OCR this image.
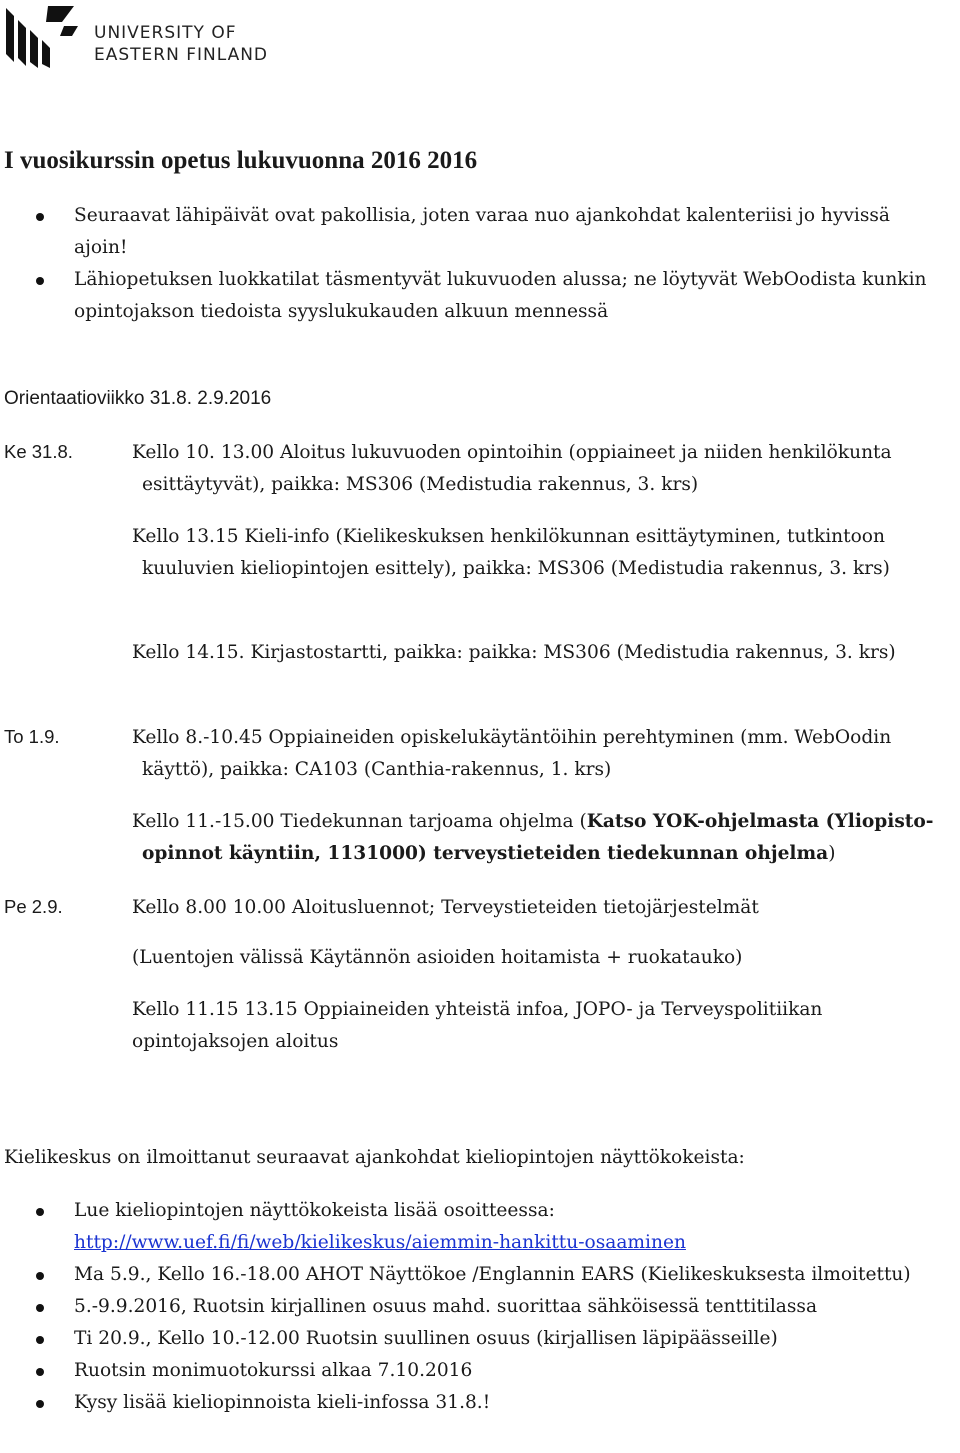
UNIVERSITY OF
EASTERN FINLAND
I vuosikurssin opetus lukuvuonna 2016 2016
Seuraavat lähipäivät ovat pakollisia, joten varaa nuo ajankohdat kalenteriisi jo hyvissä ajoin!
Lähiopetuksen luokkatilat täsmentyvät lukuvuoden alussa; ne löytyvät WebOodista kunkin opintojakson tiedoista syyslukukauden alkuun mennessä
Orientaatioviikko 31.8. 2.9.2016
Ke 31.8.
To 1.9.
Pe 2.9.
Kello 10. 13.00 Aloitus lukuvuoden opintoihin (oppiaineet ja niiden henkilökunta esittäytyvät), paikka: MS306 (Medistudia rakennus, 3. krs)
Kello 13.15 Kieli-info (Kielikeskuksen henkilökunnan esittäytyminen, tutkintoon kuuluvien kieliopintojen esittely), paikka: MS306 (Medistudia rakennus, 3. krs)
Kello 14.15. Kirjastostartti, paikka: paikka: MS306 (Medistudia rakennus, 3. krs)
Kello 8.-10.45 Oppiaineiden opiskelukäytäntöihin perehtyminen (mm. WebOodin käyttö), paikka: CA103 (Canthia-rakennus, 1. krs)
Kello 11.-15.00 Tiedekunnan tarjoama ohjelma (Katso YOK-ohjelmasta (Yliopisto-opinnot käyntiin, 1131000) terveystieteiden tiedekunnan ohjelma)
Kello 8.00 10.00 Aloitusluennot; Terveystieteiden tietojärjestelmät
(Luentojen välissä Käytännön asioiden hoitamista + ruokatauko)
Kello 11.15 13.15 Oppiaineiden yhteistä infoa, JOPO- ja Terveyspolitiikan opintojaksojen aloitus
Kielikeskus on ilmoittanut seuraavat ajankohdat kieliopintojen näyttökokeista:
Lue kieliopintojen näyttökokeista lisää osoitteessa: http://www.uef.fi/fi/web/kielikeskus/aiemmin-hankittu-osaaminen
Ma 5.9., Kello 16.-18.00 AHOT Näyttökoe /Englannin EARS (Kielikeskuksesta ilmoitettu)
5.-9.9.2016, Ruotsin kirjallinen osuus mahd. suorittaa sähköisessä tenttitilassa
Ti 20.9., Kello 10.-12.00 Ruotsin suullinen osuus (kirjallisen läpipäässeille)
Ruotsin monimuotokurssi alkaa 7.10.2016
Kysy lisää kieliopinnoista kieli-infossa 31.8.!
